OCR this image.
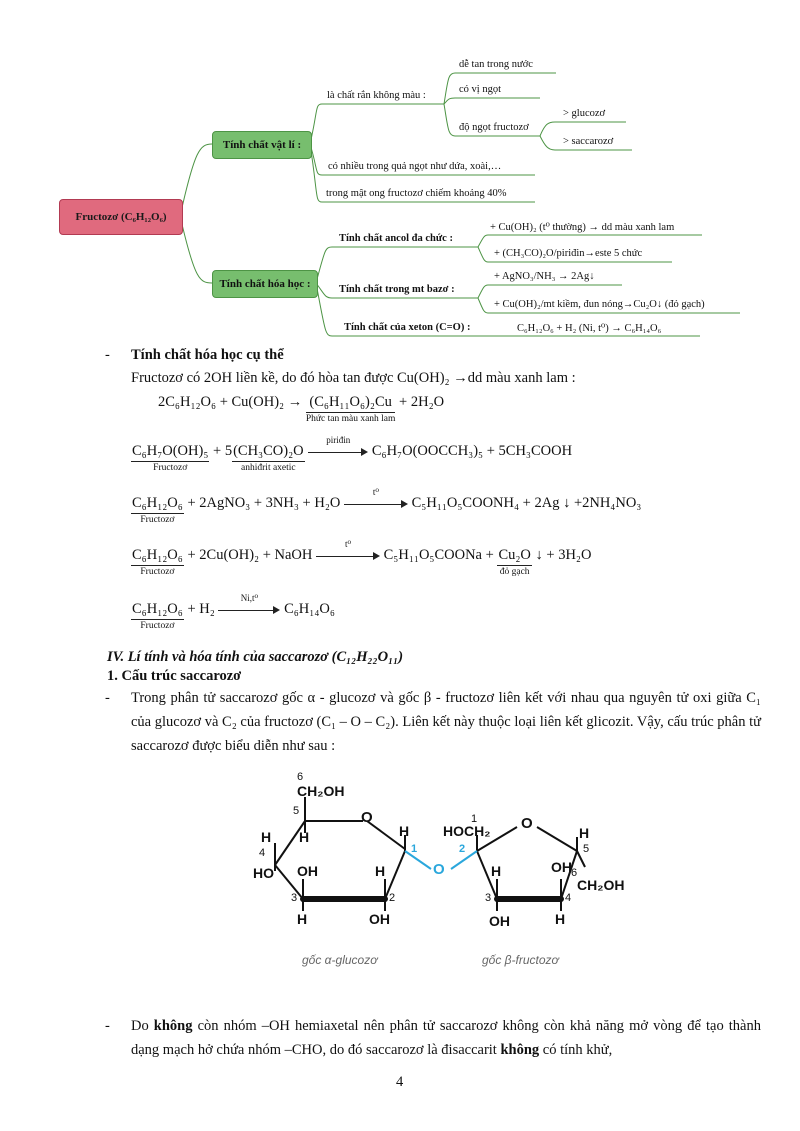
Fructozơ (C₆H₁₂O₆)
Tính chất vật lí :
Tính chất hóa học :
là chất rắn không màu :
dễ tan trong nước
có vị ngọt
độ ngọt fructozơ
> glucozơ
> saccarozơ
có nhiều trong quả ngọt như dứa, xoài,…
trong mật ong fructozơ chiếm khoảng 40%
Tính chất ancol đa chức :
+ Cu(OH)₂ (t⁰ thường) → dd màu xanh lam
+ (CH₃CO)₂O/piriđin→este 5 chức
Tính chất trong mt bazơ :
+ AgNO₃/NH₃ → 2Ag↓
+ Cu(OH)₂/mt kiềm, đun nóng→Cu₂O↓ (đỏ gạch)
Tính chất của xeton (C=O) :	C₆H₁₂O₆ + H₂ (Ni, t⁰) → C₆H₁₄O₆
- Tính chất hóa học cụ thể
Fructozơ có 2OH liền kề, do đó hòa tan được Cu(OH)₂ →dd màu xanh lam :
2C₆H₁₂O₆ + Cu(OH)₂ → (C₆H₁₁O₆)₂Cu
Phức tan màu xanh lam
+ 2H₂O
C₆H₇O(OH)₅
Fructozơ
+ 5 (CH₃CO)₂O
anhiđrit axetic

piriđin
C₆H₇O(OOCCH₃)₅ + 5CH₃COOH
C₆H₁₂O₆
Fructozơ
+ 2AgNO₃ + 3NH₃ + H₂O
t⁰
C₅H₁₁O₅COONH₄ + 2Ag ↓ +2NH₄NO₃
C₆H₁₂O₆
Fructozơ
+ 2Cu(OH)₂ + NaOH
t⁰
C₅H₁₁O₅COONa + Cu₂O
đỏ gạch
↓ + 3H₂O
C₆H₁₂O₆
Fructozơ
+ H₂
Ni,t⁰
C₆H₁₄O₆
IV. Lí tính và hóa tính của saccarozơ (C₁₂H₂₂O₁₁)
1. Cấu trúc saccarozơ
- Trong phân tử saccarozơ gốc α - glucozơ và gốc β - fructozơ liên kết với nhau qua nguyên tử oxi giữa C₁ của glucozơ và C₂ của fructozơ (C₁ – O – C₂). Liên kết này thuộc loại liên kết glicozit. Vậy, cấu trúc phân tử saccarozơ được biểu diễn như sau :
6
CH₂OH
5	O
H H	H
4
HO OH	H
1
3	2
H	OH
O
1
HOCH₂ O
2
H
H
5
OH 6
CH₂OH
3	4
OH	H
gốc α-glucozơ	gốc β-fructozơ
- Do không còn nhóm –OH hemiaxetal nên phân tử saccarozơ không còn khả năng mở vòng để tạo thành dạng mạch hở chứa nhóm –CHO, do đó saccarozơ là đisaccarit không có tính khử,
4
